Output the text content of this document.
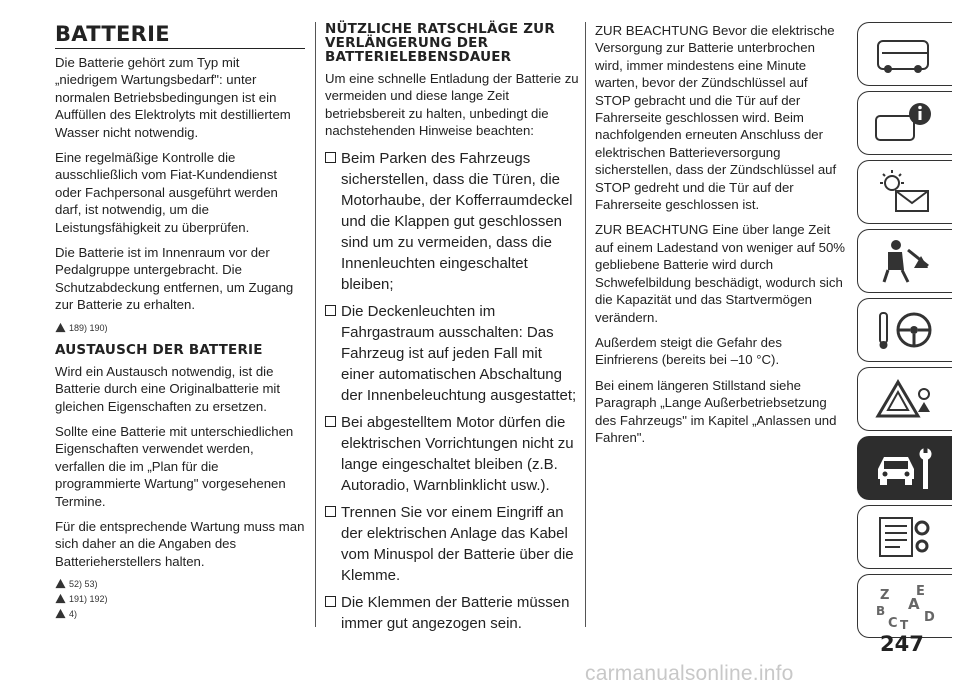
BATTERIE

Die Batterie gehört zum Typ mit „niedrigem Wartungsbedarf": unter normalen Betriebsbedingungen ist ein Auffüllen des Elektrolyts mit destilliertem Wasser nicht notwendig.

Eine regelmäßige Kontrolle die ausschließlich vom Fiat-Kundendienst oder Fachpersonal ausgeführt werden darf, ist notwendig, um die Leistungsfähigkeit zu überprüfen.

Die Batterie ist im Innenraum vor der Pedalgruppe untergebracht. Die Schutzabdeckung entfernen, um Zugang zur Batterie zu erhalten.

189) 190)
AUSTAUSCH DER BATTERIE

Wird ein Austausch notwendig, ist die Batterie durch eine Originalbatterie mit gleichen Eigenschaften zu ersetzen.

Sollte eine Batterie mit unterschiedlichen Eigenschaften verwendet werden, verfallen die im „Plan für die programmierte Wartung" vorgesehenen Termine.

Für die entsprechende Wartung muss man sich daher an die Angaben des Batterieherstellers halten.

52) 53)
191) 192)
4)
NÜTZLICHE RATSCHLÄGE ZUR VERLÄNGERUNG DER BATTERIELEBENSDAUER

Um eine schnelle Entladung der Batterie zu vermeiden und diese lange Zeit betriebsbereit zu halten, unbedingt die nachstehenden Hinweise beachten:

Beim Parken des Fahrzeugs sicherstellen, dass die Türen, die Motorhaube, der Kofferraumdeckel und die Klappen gut geschlossen sind um zu vermeiden, dass die Innenleuchten eingeschaltet bleiben;
Die Deckenleuchten im Fahrgastraum ausschalten: Das Fahrzeug ist auf jeden Fall mit einer automatischen Abschaltung der Innenbeleuchtung ausgestattet;
Bei abgestelltem Motor dürfen die elektrischen Vorrichtungen nicht zu lange eingeschaltet bleiben (z.B. Autoradio, Warnblinklicht usw.).
Trennen Sie vor einem Eingriff an der elektrischen Anlage das Kabel vom Minuspol der Batterie über die Klemme.
Die Klemmen der Batterie müssen immer gut angezogen sein.

ZUR BEACHTUNG Bevor die elektrische Versorgung zur Batterie unterbrochen wird, immer mindestens eine Minute warten, bevor der Zündschlüssel auf STOP gebracht und die Tür auf der Fahrerseite geschlossen wird. Beim nachfolgenden erneuten Anschluss der elektrischen Batterieversorgung sicherstellen, dass der Zündschlüssel auf STOP gedreht und die Tür auf der Fahrerseite geschlossen ist.

ZUR BEACHTUNG Eine über lange Zeit auf einem Ladestand von weniger auf 50% gebliebene Batterie wird durch Schwefelbildung beschädigt, wodurch sich die Kapazität und das Startvermögen verändern.

Außerdem steigt die Gefahr des Einfrierens (bereits bei –10 °C).

Bei einem längeren Stillstand siehe Paragraph „Lange Außerbetriebsetzung des Fahrzeugs" im Kapitel „Anlassen und Fahren".

Z E
A
B
C D
T
247
carmanualsonline.info
